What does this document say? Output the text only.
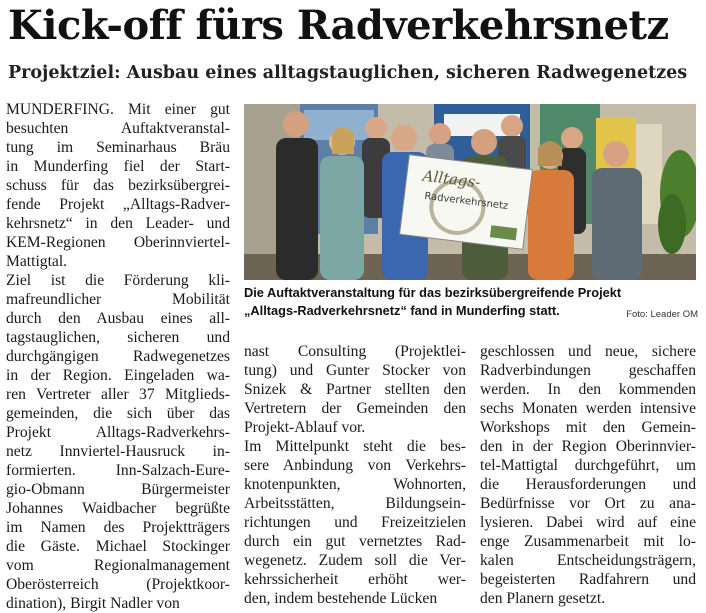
Kick-off fürs Radverkehrsnetz
Projektziel: Ausbau eines alltagstauglichen, sicheren Radwegenetzes
MUNDERFING. Mit einer gut
besuchten Auftaktveranstal-
tung im Seminarhaus Bräu
in Munderfing fiel der Start-
schuss für das bezirksübergrei-
fende Projekt „Alltags-Radver-
kehrsnetz“ in den Leader- und
KEM-Regionen Oberinnviertel-
Mattigtal.
Ziel ist die Förderung kli-
mafreundlicher Mobilität
durch den Ausbau eines all-
tagstauglichen, sicheren und
durchgängigen Radwegenetzes
in der Region. Eingeladen wa-
ren Vertreter aller 37 Mitglieds-
gemeinden, die sich über das
Projekt Alltags-Radverkehrs-
netz Innviertel-Hausruck in-
formierten. Inn-Salzach-Eure-
gio-Obmann Bürgermeister
Johannes Waidbacher begrüßte
im Namen des Projektträgers
die Gäste. Michael Stockinger
vom Regionalmanagement
Oberösterreich (Projektkoor-
dination), Birgit Nadler von
Alltags-
Radverkehrsnetz
Die Auftaktveranstaltung für das bezirksübergreifende Projekt
„Alltags-Radverkehrsnetz“ fand in Munderfing statt.	Foto: Leader OM
nast Consulting (Projektlei-
tung) und Gunter Stocker von
Snizek & Partner stellten den
Vertretern der Gemeinden den
Projekt-Ablauf vor.
Im Mittelpunkt steht die bes-
sere Anbindung von Verkehrs-
knotenpunkten, Wohnorten,
Arbeitsstätten, Bildungsein-
richtungen und Freizeitzielen
durch ein gut vernetztes Rad-
wegenetz. Zudem soll die Ver-
kehrssicherheit erhöht wer-
den, indem bestehende Lücken
geschlossen und neue, sichere
Radverbindungen geschaffen
werden. In den kommenden
sechs Monaten werden intensive
Workshops mit den Gemein-
den in der Region Oberinnvier-
tel-Mattigtal durchgeführt, um
die Herausforderungen und
Bedürfnisse vor Ort zu ana-
lysieren. Dabei wird auf eine
enge Zusammenarbeit mit lo-
kalen Entscheidungsträgern,
begeisterten Radfahrern und
den Planern gesetzt.
